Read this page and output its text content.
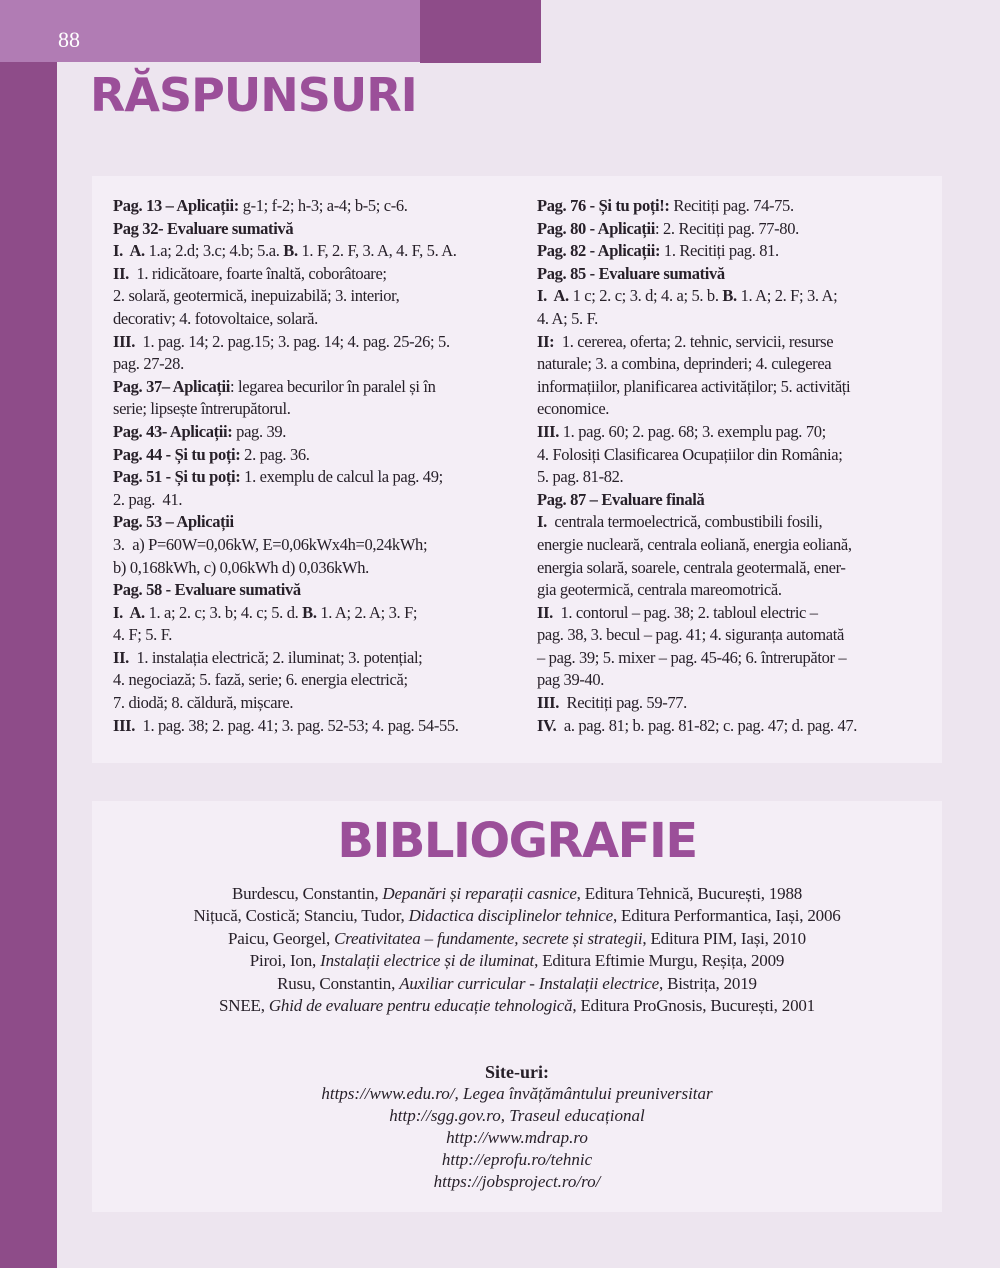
88
RĂSPUNSURI
Pag. 13 – Aplicații: g-1; f-2; h-3; a-4; b-5; c-6.
Pag 32- Evaluare sumativă
I.  A. 1.a; 2.d; 3.c; 4.b; 5.a. B. 1. F, 2. F, 3. A, 4. F, 5. A.
II.  1. ridicătoare, foarte înaltă, coborâtoare;
2. solară, geotermică, inepuizabilă; 3. interior,
decorativ; 4. fotovoltaice, solară.
III.  1. pag. 14; 2. pag.15; 3. pag. 14; 4. pag. 25-26; 5.
pag. 27-28.
Pag. 37– Aplicații: legarea becurilor în paralel și în
serie; lipsește întrerupătorul.
Pag. 43- Aplicații: pag. 39.
Pag. 44 - Și tu poți: 2. pag. 36.
Pag. 51 - Și tu poți: 1. exemplu de calcul la pag. 49;
2. pag.  41.
Pag. 53 – Aplicații
3.  a) P=60W=0,06kW, E=0,06kWx4h=0,24kWh;
b) 0,168kWh, c) 0,06kWh d) 0,036kWh.
Pag. 58 - Evaluare sumativă
I.  A. 1. a; 2. c; 3. b; 4. c; 5. d. B. 1. A; 2. A; 3. F;
4. F; 5. F.
II.  1. instalația electrică; 2. iluminat; 3. potențial;
4. negociază; 5. fază, serie; 6. energia electrică;
7. diodă; 8. căldură, mișcare.
III.  1. pag. 38; 2. pag. 41; 3. pag. 52-53; 4. pag. 54-55.
Pag. 76 - Și tu poți!: Recitiți pag. 74-75.
Pag. 80 - Aplicații: 2. Recitiți pag. 77-80.
Pag. 82 - Aplicații: 1. Recitiți pag. 81.
Pag. 85 - Evaluare sumativă
I.  A. 1 c; 2. c; 3. d; 4. a; 5. b. B. 1. A; 2. F; 3. A;
4. A; 5. F.
II:  1. cererea, oferta; 2. tehnic, servicii, resurse
naturale; 3. a combina, deprinderi; 4. culegerea
informațiilor, planificarea activităților; 5. activități
economice.
III. 1. pag. 60; 2. pag. 68; 3. exemplu pag. 70;
4. Folosiți Clasificarea Ocupațiilor din România;
5. pag. 81-82.
Pag. 87 – Evaluare finală
I.  centrala termoelectrică, combustibili fosili,
energie nucleară, centrala eoliană, energia eoliană,
energia solară, soarele, centrala geotermală, ener-
gia geotermică, centrala mareomotrică.
II.  1. contorul – pag. 38; 2. tabloul electric –
pag. 38, 3. becul – pag. 41; 4. siguranța automată
– pag. 39; 5. mixer – pag. 45-46; 6. întrerupător –
pag 39-40.
III.  Recitiți pag. 59-77.
IV.  a. pag. 81; b. pag. 81-82; c. pag. 47; d. pag. 47.
BIBLIOGRAFIE
Burdescu, Constantin, Depanări și reparații casnice, Editura Tehnică, București, 1988
Nițucă, Costică; Stanciu, Tudor, Didactica disciplinelor tehnice, Editura Performantica, Iași, 2006
Paicu, Georgel, Creativitatea – fundamente, secrete și strategii, Editura PIM, Iași, 2010
Piroi, Ion, Instalații electrice și de iluminat, Editura Eftimie Murgu, Reșița, 2009
Rusu, Constantin, Auxiliar curricular - Instalații electrice, Bistrița, 2019
SNEE, Ghid de evaluare pentru educație tehnologică, Editura ProGnosis, București, 2001
Site-uri:
https://www.edu.ro/, Legea învățământului preuniversitar
http://sgg.gov.ro, Traseul educațional
http://www.mdrap.ro
http://eprofu.ro/tehnic
https://jobsproject.ro/ro/
